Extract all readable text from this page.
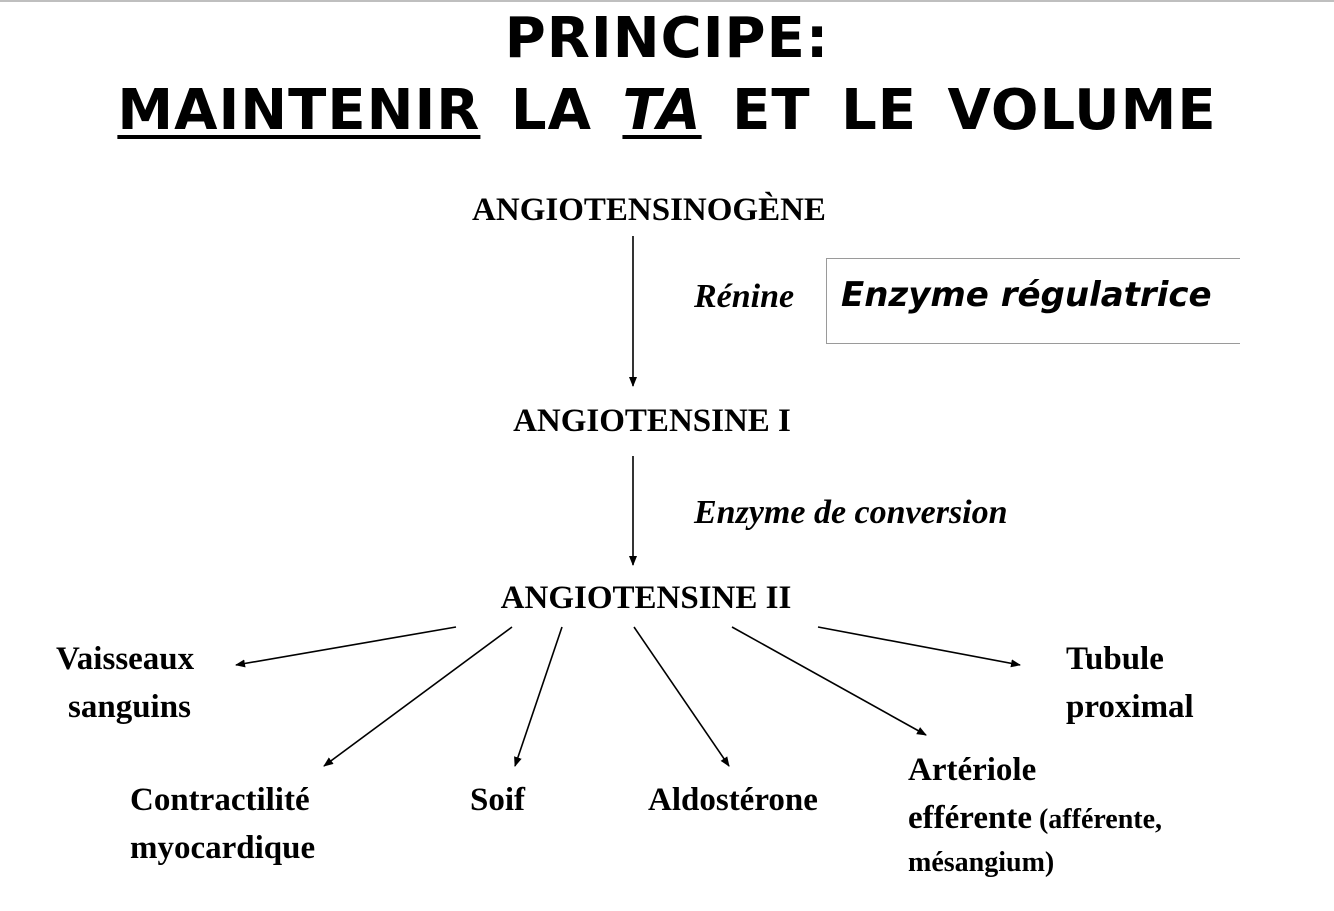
PRINCIPE:
MAINTENIR LA TA ET LE VOLUME
ANGIOTENSINOGÈNE
Rénine Enzyme régulatrice
ANGIOTENSINE I
Enzyme de conversion
ANGIOTENSINE II
Vaisseaux
sanguins
Tubule
proximal
Contractilité
myocardique
Soif	Aldostérone
Artériole
efférente (afférente,
mésangium)
